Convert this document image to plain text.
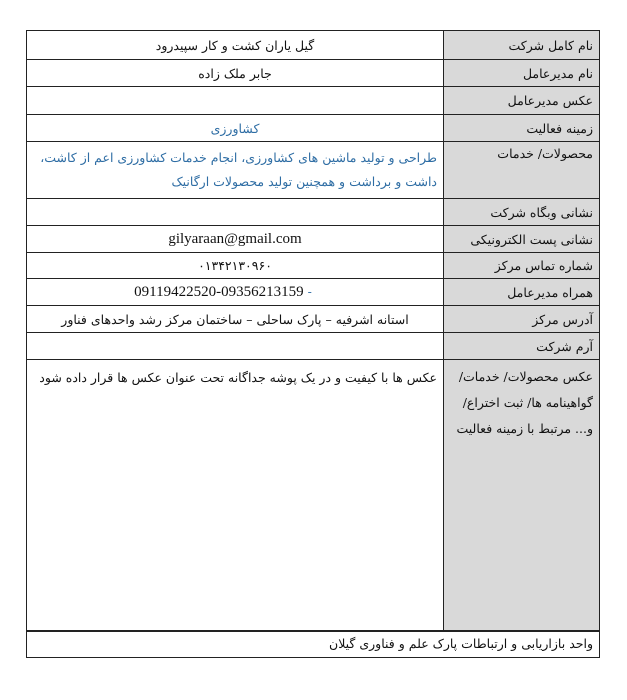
نام کامل شرکت	گیل یاران کشت و کار سپیدرود
نام مدیرعامل	جابر ملک زاده
عکس مدیرعامل	
زمینه فعالیت	کشاورزی
محصولات/ خدمات	طراحی و تولید ماشین های کشاورزی، انجام خدمات کشاورزی اعم از کاشت،
داشت و برداشت و همچنین تولید محصولات ارگانیک

نشانی وبگاه شرکت	
نشانی پست الکترونیکی	gilyaraan@gmail.com
شماره تماس مرکز	۰۱۳۴۲۱۳۰۹۶۰
همراه مدیرعامل	- 09119422520-09356213159
آدرس مرکز	استانه اشرفیه – پارک ساحلی – ساختمان مرکز رشد واحدهای فناور
آرم شرکت	

عکس محصولات/ خدمات/
گواهینامه ها/ ثبت اختراع/
و... مرتبط با زمینه فعالیت	عکس ها با کیفیت و در یک پوشه جداگانه تحت عنوان عکس ها قرار داده شود
واحد بازاریابی و ارتباطات پارک علم و فناوری گیلان
